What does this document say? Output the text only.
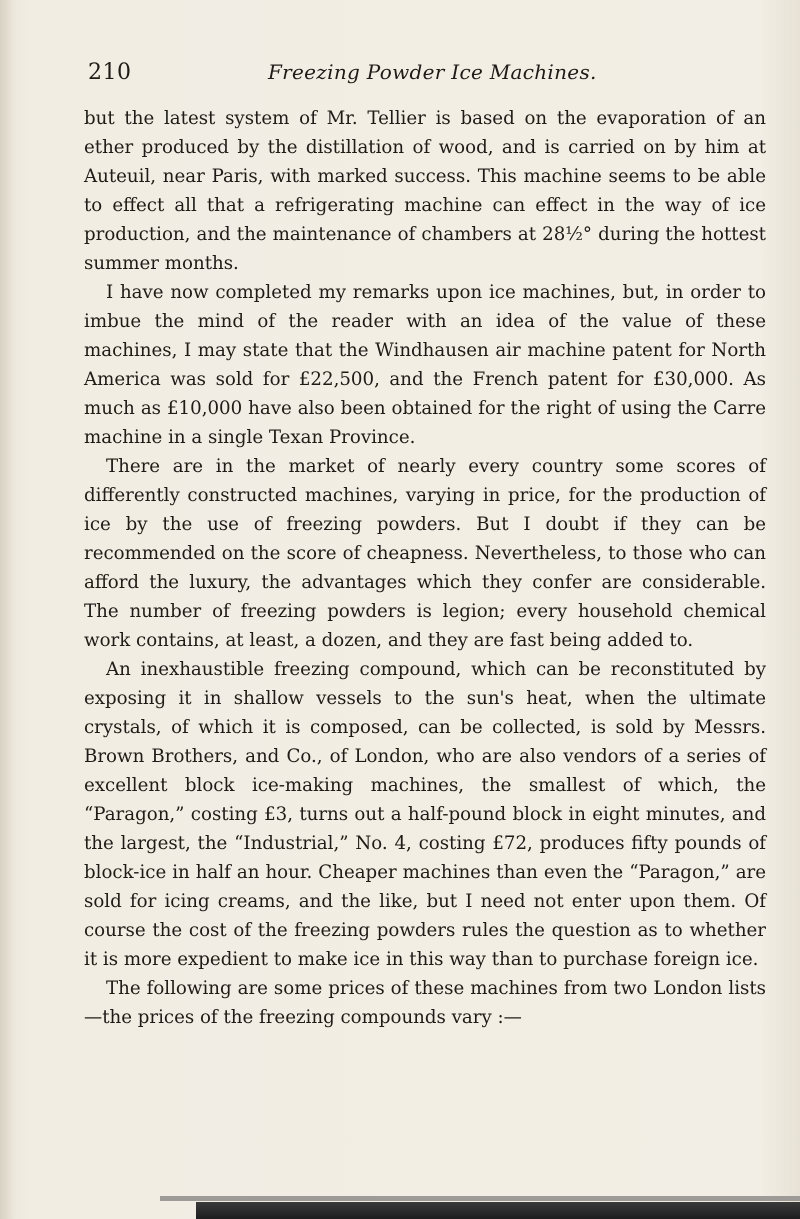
210	Freezing Powder Ice Machines.

but the latest system of Mr. Tellier is based on the evaporation of an ether produced by the distillation of wood, and is carried on by him at Auteuil, near Paris, with marked success. This machine seems to be able to effect all that a refrigerating machine can effect in the way of ice production, and the maintenance of chambers at 28½° during the hottest summer months.

I have now completed my remarks upon ice machines, but, in order to imbue the mind of the reader with an idea of the value of these machines, I may state that the Windhausen air machine patent for North America was sold for £22,500, and the French patent for £30,000. As much as £10,000 have also been obtained for the right of using the Carre machine in a single Texan Province.

There are in the market of nearly every country some scores of differently constructed machines, varying in price, for the production of ice by the use of freezing powders. But I doubt if they can be recommended on the score of cheapness. Nevertheless, to those who can afford the luxury, the advantages which they confer are considerable. The number of freezing powders is legion; every household chemical work contains, at least, a dozen, and they are fast being added to.

An inexhaustible freezing compound, which can be reconstituted by exposing it in shallow vessels to the sun's heat, when the ultimate crystals, of which it is composed, can be collected, is sold by Messrs. Brown Brothers, and Co., of London, who are also vendors of a series of excellent block ice-making machines, the smallest of which, the “Paragon,” costing £3, turns out a half-pound block in eight minutes, and the largest, the “Industrial,” No. 4, costing £72, produces fifty pounds of block-ice in half an hour. Cheaper machines than even the “Paragon,” are sold for icing creams, and the like, but I need not enter upon them. Of course the cost of the freezing powders rules the question as to whether it is more expedient to make ice in this way than to purchase foreign ice.

The following are some prices of these machines from two London lists—the prices of the freezing compounds vary :—
